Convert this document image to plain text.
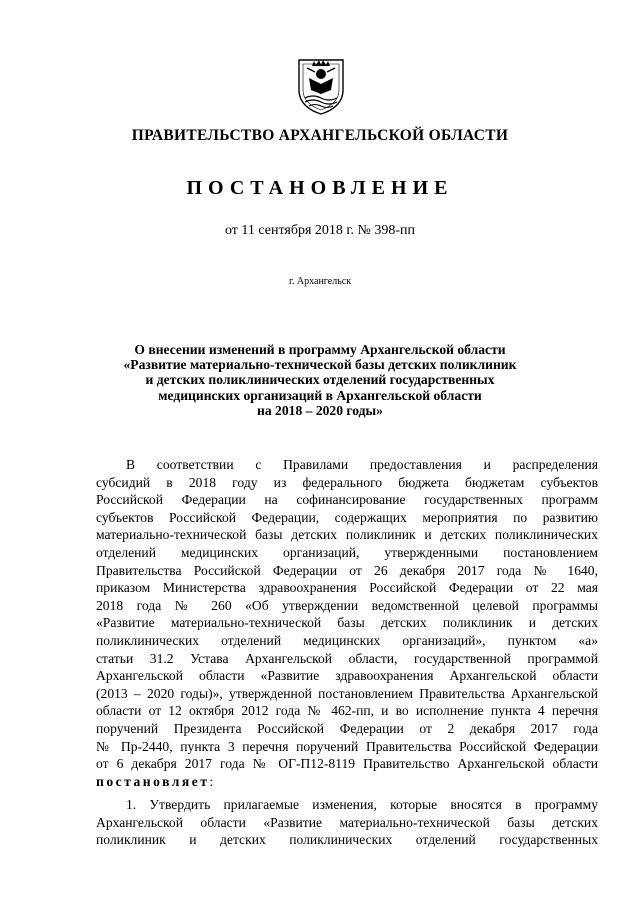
ПРАВИТЕЛЬСТВО АРХАНГЕЛЬСКОЙ ОБЛАСТИ
ПОСТАНОВЛЕНИЕ
от 11 сентября 2018 г. № 398-пп
г. Архангельск
О внесении изменений в программу Архангельской области
«Развитие материально-технической базы детских поликлиник
и детских поликлинических отделений государственных
медицинских организаций в Архангельской области
на 2018 – 2020 годы»
В соответствии с Правилами предоставления и распределения
субсидий в 2018 году из федерального бюджета бюджетам субъектов
Российской Федерации на софинансирование государственных программ
субъектов Российской Федерации, содержащих мероприятия по развитию
материально-технической базы детских поликлиник и детских поликлинических
отделений медицинских организаций, утвержденными постановлением
Правительства Российской Федерации от 26 декабря 2017 года № 1640,
приказом Министерства здравоохранения Российской Федерации от 22 мая
2018 года № 260 «Об утверждении ведомственной целевой программы
«Развитие материально-технической базы детских поликлиник и детских
поликлинических отделений медицинских организаций», пунктом «а»
статьи 31.2 Устава Архангельской области, государственной программой
Архангельской области «Развитие здравоохранения Архангельской области
(2013 – 2020 годы)», утвержденной постановлением Правительства Архангельской
области от 12 октября 2012 года № 462-пп, и во исполнение пункта 4 перечня
поручений Президента Российской Федерации от 2 декабря 2017 года
№ Пр-2440, пункта 3 перечня поручений Правительства Российской Федерации
от 6 декабря 2017 года № ОГ-П12-8119 Правительство Архангельской области
постановляет:
1. Утвердить прилагаемые изменения, которые вносятся в программу
Архангельской области «Развитие материально-технической базы детских
поликлиник и детских поликлинических отделений государственных
